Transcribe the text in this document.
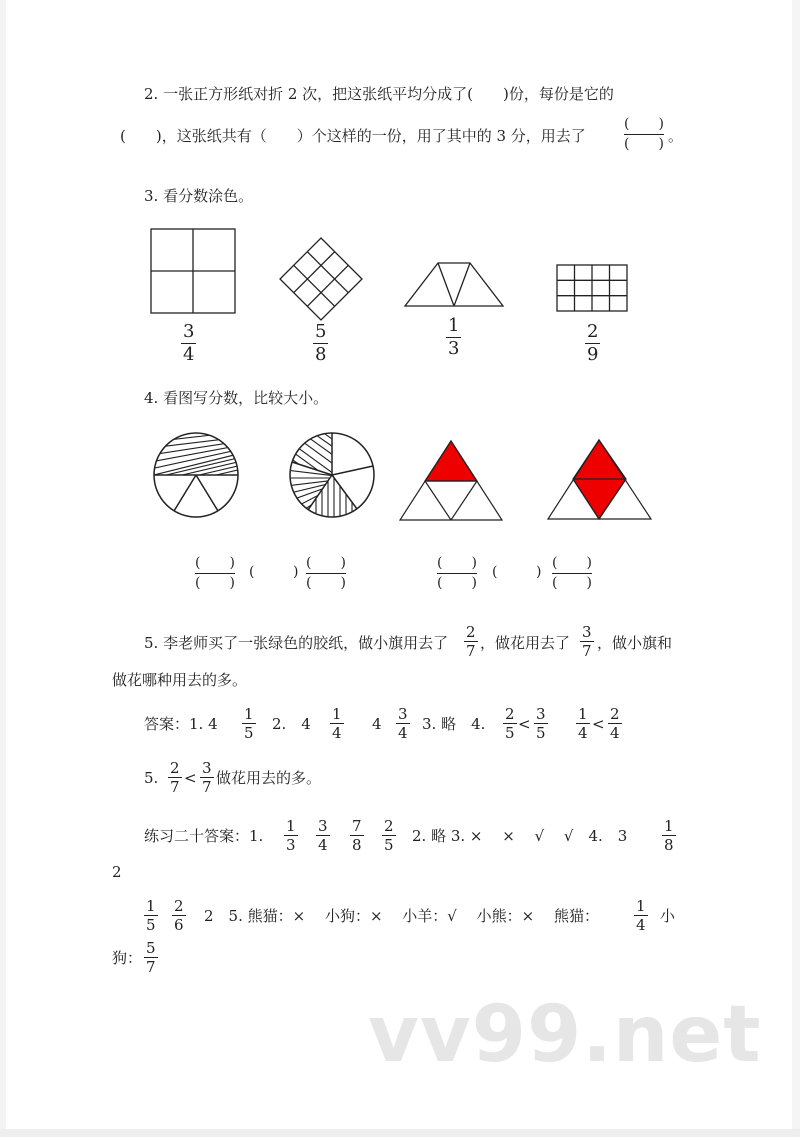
2. 一张正方形纸对折 2 次，把这张纸平均分成了(　　)份，每份是它的
(　　)，这张纸共有（　　）个这样的一份，用了其中的 3 分，用去了
( )
( ) 。
3. 看分数涂色。
3
4
5
8
1
3
2
9
4. 看图写分数，比较大小。
( )
( )
(	)
( )
( )
( )
( )
(	)
( )
( )
5. 李老师买了一张绿色的胶纸，做小旗用去了
2
7 ，做花用去了
3
7 ，做小旗和
做花哪种用去的多。
答案：1. 4
1
5 2.　4
1
4 4
3
4 3. 略　4.
2
5 <
3
5
1
4 <
2
4
5.
2
7 <
3
7 做花用去的多。
练习二十答案：1.
1
3
3
4
7
8
2
5 2. 略 3. ×　 ×　 √　 √　4.　3
1
8
2
1
5
2
6 2　5. 熊猫：×　 小狗：×　 小羊：√　 小熊：×　 熊猫：
1
4 小
狗：
5
7
vv99.net
